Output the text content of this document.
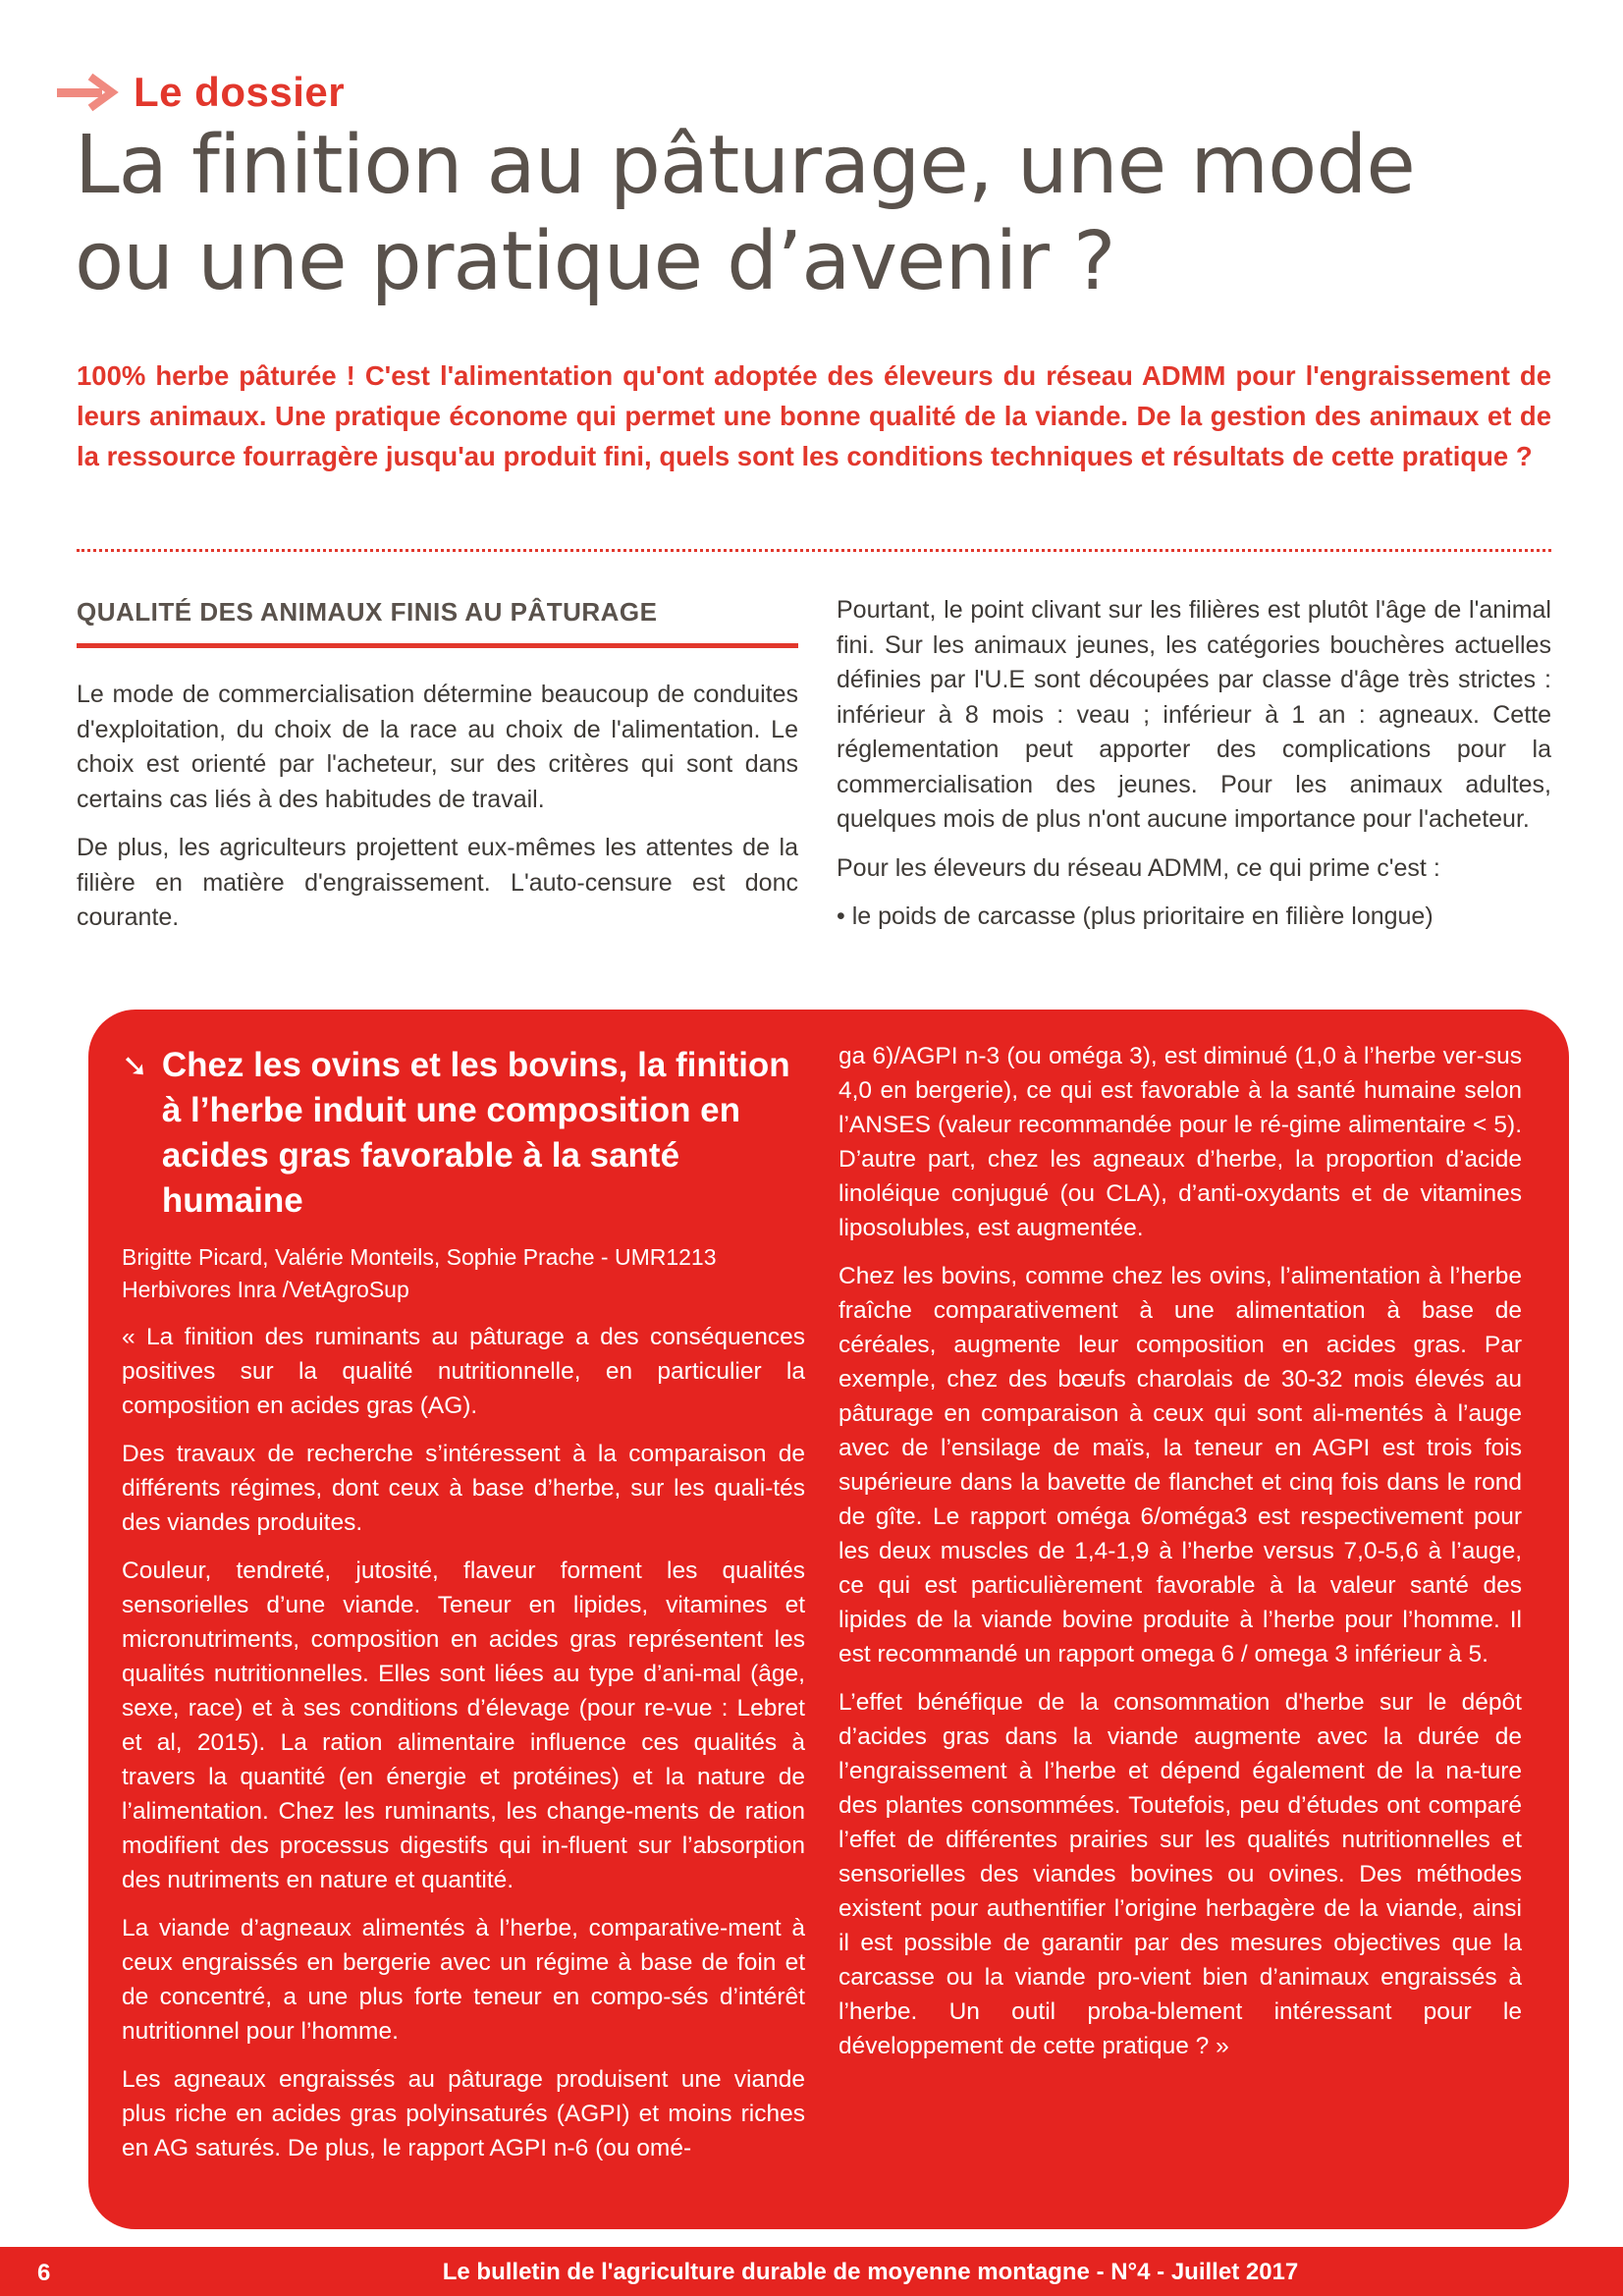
Le dossier
La finition au pâturage, une mode
ou une pratique d’avenir ?

100% herbe pâturée ! C'est l'alimentation qu'ont adoptée des éleveurs du réseau ADMM pour l'engraissement de leurs animaux. Une pratique économe qui permet une bonne qualité de la viande. De la gestion des animaux et de la ressource fourragère jusqu'au produit fini, quels sont les conditions techniques et résultats de cette pratique ?

QUALITÉ DES ANIMAUX FINIS AU PÂTURAGE

Le mode de commercialisation détermine beaucoup de conduites d'exploitation, du choix de la race au choix de l'alimentation. Le choix est orienté par l'acheteur, sur des critères qui sont dans certains cas liés à des habitudes de travail.

De plus, les agriculteurs projettent eux-mêmes les attentes de la filière en matière d'engraissement. L'auto-censure est donc courante.

Pourtant, le point clivant sur les filières est plutôt l'âge de l'animal fini. Sur les animaux jeunes, les catégories bouchères actuelles définies par l'U.E sont découpées par classe d'âge très strictes : inférieur à 8 mois : veau ; inférieur à 1 an : agneaux. Cette réglementation peut apporter des complications pour la commercialisation des jeunes. Pour les animaux adultes, quelques mois de plus n'ont aucune importance pour l'acheteur.

Pour les éleveurs du réseau ADMM, ce qui prime c'est :

• le poids de carcasse (plus prioritaire en filière longue)

➘ Chez les ovins et les bovins, la finition à l’herbe induit une composition en acides gras favorable à la santé humaine

Brigitte Picard, Valérie Monteils, Sophie Prache - UMR1213 Herbivores Inra /VetAgroSup

« La finition des ruminants au pâturage a des conséquences positives sur la qualité nutritionnelle, en particulier la composition en acides gras (AG).

Des travaux de recherche s’intéressent à la comparaison de différents régimes, dont ceux à base d’herbe, sur les quali-tés des viandes produites.

Couleur, tendreté, jutosité, flaveur forment les qualités sensorielles d’une viande. Teneur en lipides, vitamines et micronutriments, composition en acides gras représentent les qualités nutritionnelles. Elles sont liées au type d’ani-mal (âge, sexe, race) et à ses conditions d’élevage (pour re-vue : Lebret et al, 2015). La ration alimentaire influence ces qualités à travers la quantité (en énergie et protéines) et la nature de l’alimentation. Chez les ruminants, les change-ments de ration modifient des processus digestifs qui in-fluent sur l’absorption des nutriments en nature et quantité.

La viande d’agneaux alimentés à l’herbe, comparative-ment à ceux engraissés en bergerie avec un régime à base de foin et de concentré, a une plus forte teneur en compo-sés d’intérêt nutritionnel pour l’homme.

Les agneaux engraissés au pâturage produisent une viande plus riche en acides gras polyinsaturés (AGPI) et moins riches en AG saturés. De plus, le rapport AGPI n-6 (ou omé-

ga 6)/AGPI n-3 (ou oméga 3), est diminué (1,0 à l’herbe ver-sus 4,0 en bergerie), ce qui est favorable à la santé humaine selon l’ANSES (valeur recommandée pour le ré-gime alimentaire < 5). D’autre part, chez les agneaux d’herbe, la proportion d’acide linoléique conjugué (ou CLA), d’anti-oxydants et de vitamines liposolubles, est augmentée.

Chez les bovins, comme chez les ovins, l’alimentation à l’herbe fraîche comparativement à une alimentation à base de céréales, augmente leur composition en acides gras. Par exemple, chez des bœufs charolais de 30-32 mois élevés au pâturage en comparaison à ceux qui sont ali-mentés à l’auge avec de l’ensilage de maïs, la teneur en AGPI est trois fois supérieure dans la bavette de flanchet et cinq fois dans le rond de gîte. Le rapport oméga 6/oméga3 est respectivement pour les deux muscles de 1,4-1,9 à l’herbe versus 7,0-5,6 à l’auge, ce qui est particulièrement favorable à la valeur santé des lipides de la viande bovine produite à l’herbe pour l’homme. Il est recommandé un rapport omega 6 / omega 3 inférieur à 5.

L’effet bénéfique de la consommation d'herbe sur le dépôt d’acides gras dans la viande augmente avec la durée de l’engraissement à l’herbe et dépend également de la na-ture des plantes consommées. Toutefois, peu d’études ont comparé l’effet de différentes prairies sur les qualités nutritionnelles et sensorielles des viandes bovines ou ovines. Des méthodes existent pour authentifier l’origine herbagère de la viande, ainsi il est possible de garantir par des mesures objectives que la carcasse ou la viande pro-vient bien d’animaux engraissés à l’herbe. Un outil proba-blement intéressant pour le développement de cette pratique ? »

6	Le bulletin de l'agriculture durable de moyenne montagne - N°4 - Juillet 2017
